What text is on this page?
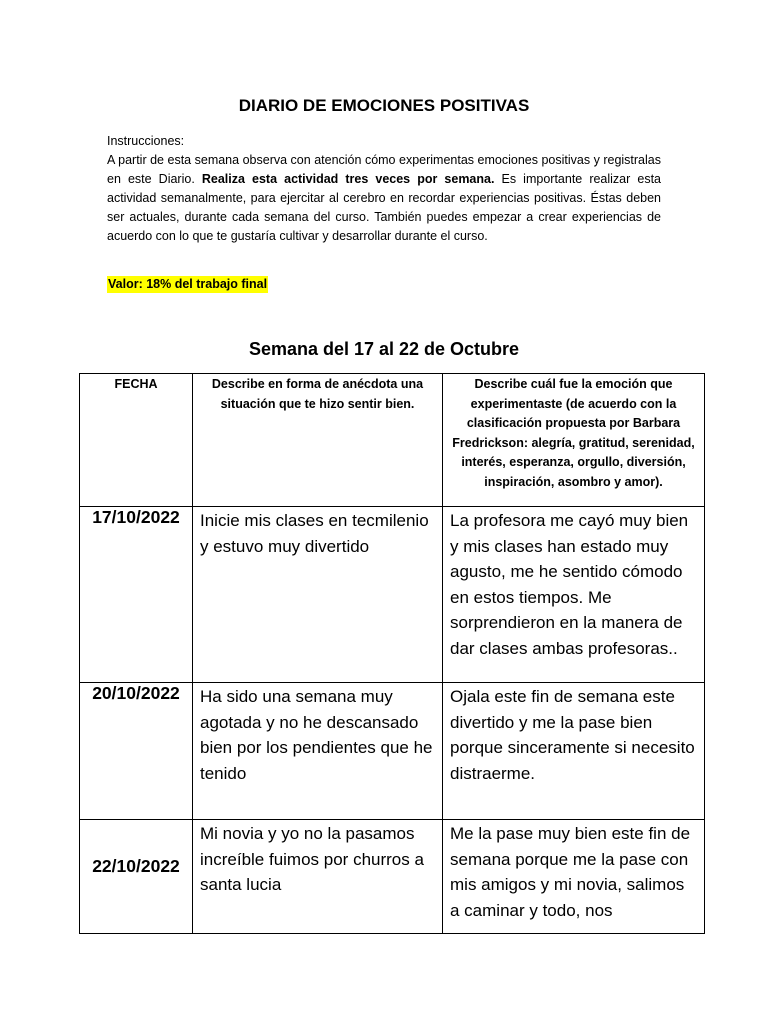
DIARIO DE EMOCIONES POSITIVAS
Instrucciones:
A partir de esta semana observa con atención cómo experimentas emociones positivas y registralas en este Diario. Realiza esta actividad tres veces por semana. Es importante realizar esta actividad semanalmente, para ejercitar al cerebro en recordar experiencias positivas. Éstas deben ser actuales, durante cada semana del curso. También puedes empezar a crear experiencias de acuerdo con lo que te gustaría cultivar y desarrollar durante el curso.
Valor: 18% del trabajo final
Semana del 17 al 22 de Octubre
FECHA	Describe en forma de anécdota una situación que te hizo sentir bien.	Describe cuál fue la emoción que experimentaste (de acuerdo con la clasificación propuesta por Barbara Fredrickson: alegría, gratitud, serenidad, interés, esperanza, orgullo, diversión, inspiración, asombro y amor).

17/10/2022	Inicie mis clases en tecmilenio y estuvo muy divertido	La profesora me cayó muy bien y mis clases han estado muy agusto, me he sentido cómodo en estos tiempos. Me sorprendieron en la manera de dar clases ambas profesoras..

20/10/2022	Ha sido una semana muy agotada y no he descansado bien por los pendientes que he tenido	Ojala este fin de semana este divertido y me la pase bien porque sinceramente si necesito distraerme.

22/10/2022	Mi novia y yo no la pasamos increíble fuimos por churros a santa lucia	Me la pase muy bien este fin de semana porque me la pase con mis amigos y mi novia, salimos a caminar y todo, nos
